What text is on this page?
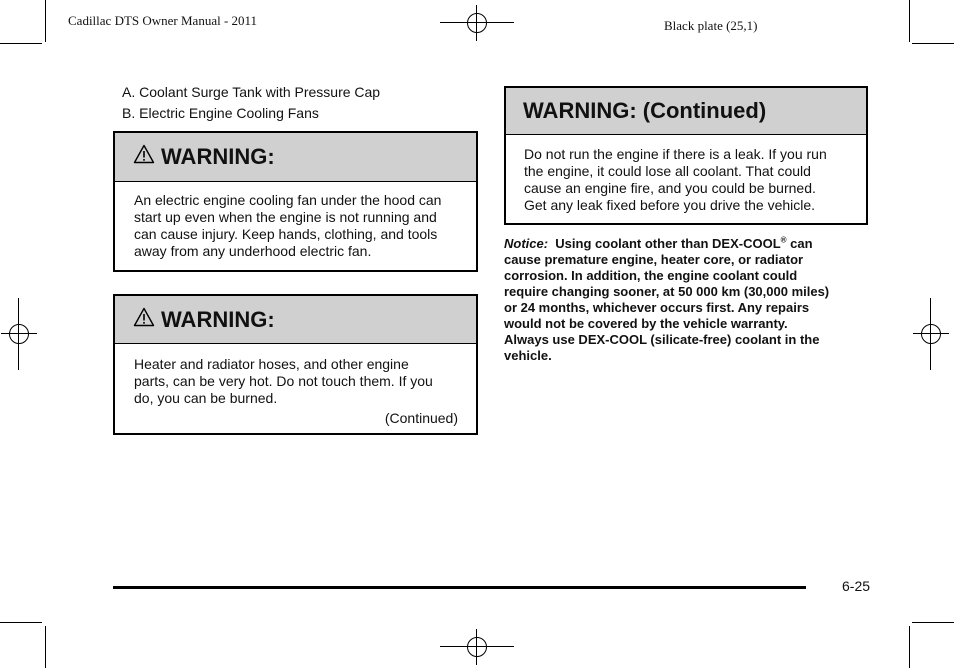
Cadillac DTS Owner Manual - 2011	Black plate (25,1)
A. Coolant Surge Tank with Pressure Cap
B. Electric Engine Cooling Fans
WARNING:
An electric engine cooling fan under the hood can
start up even when the engine is not running and
can cause injury. Keep hands, clothing, and tools
away from any underhood electric fan.
WARNING:
Heater and radiator hoses, and other engine
parts, can be very hot. Do not touch them. If you
do, you can be burned.
(Continued)
WARNING: (Continued)
Do not run the engine if there is a leak. If you run
the engine, it could lose all coolant. That could
cause an engine fire, and you could be burned.
Get any leak fixed before you drive the vehicle.
Notice: Using coolant other than DEX-COOL® can
cause premature engine, heater core, or radiator
corrosion. In addition, the engine coolant could
require changing sooner, at 50 000 km (30,000 miles)
or 24 months, whichever occurs first. Any repairs
would not be covered by the vehicle warranty.
Always use DEX-COOL (silicate-free) coolant in the
vehicle.
6-25
